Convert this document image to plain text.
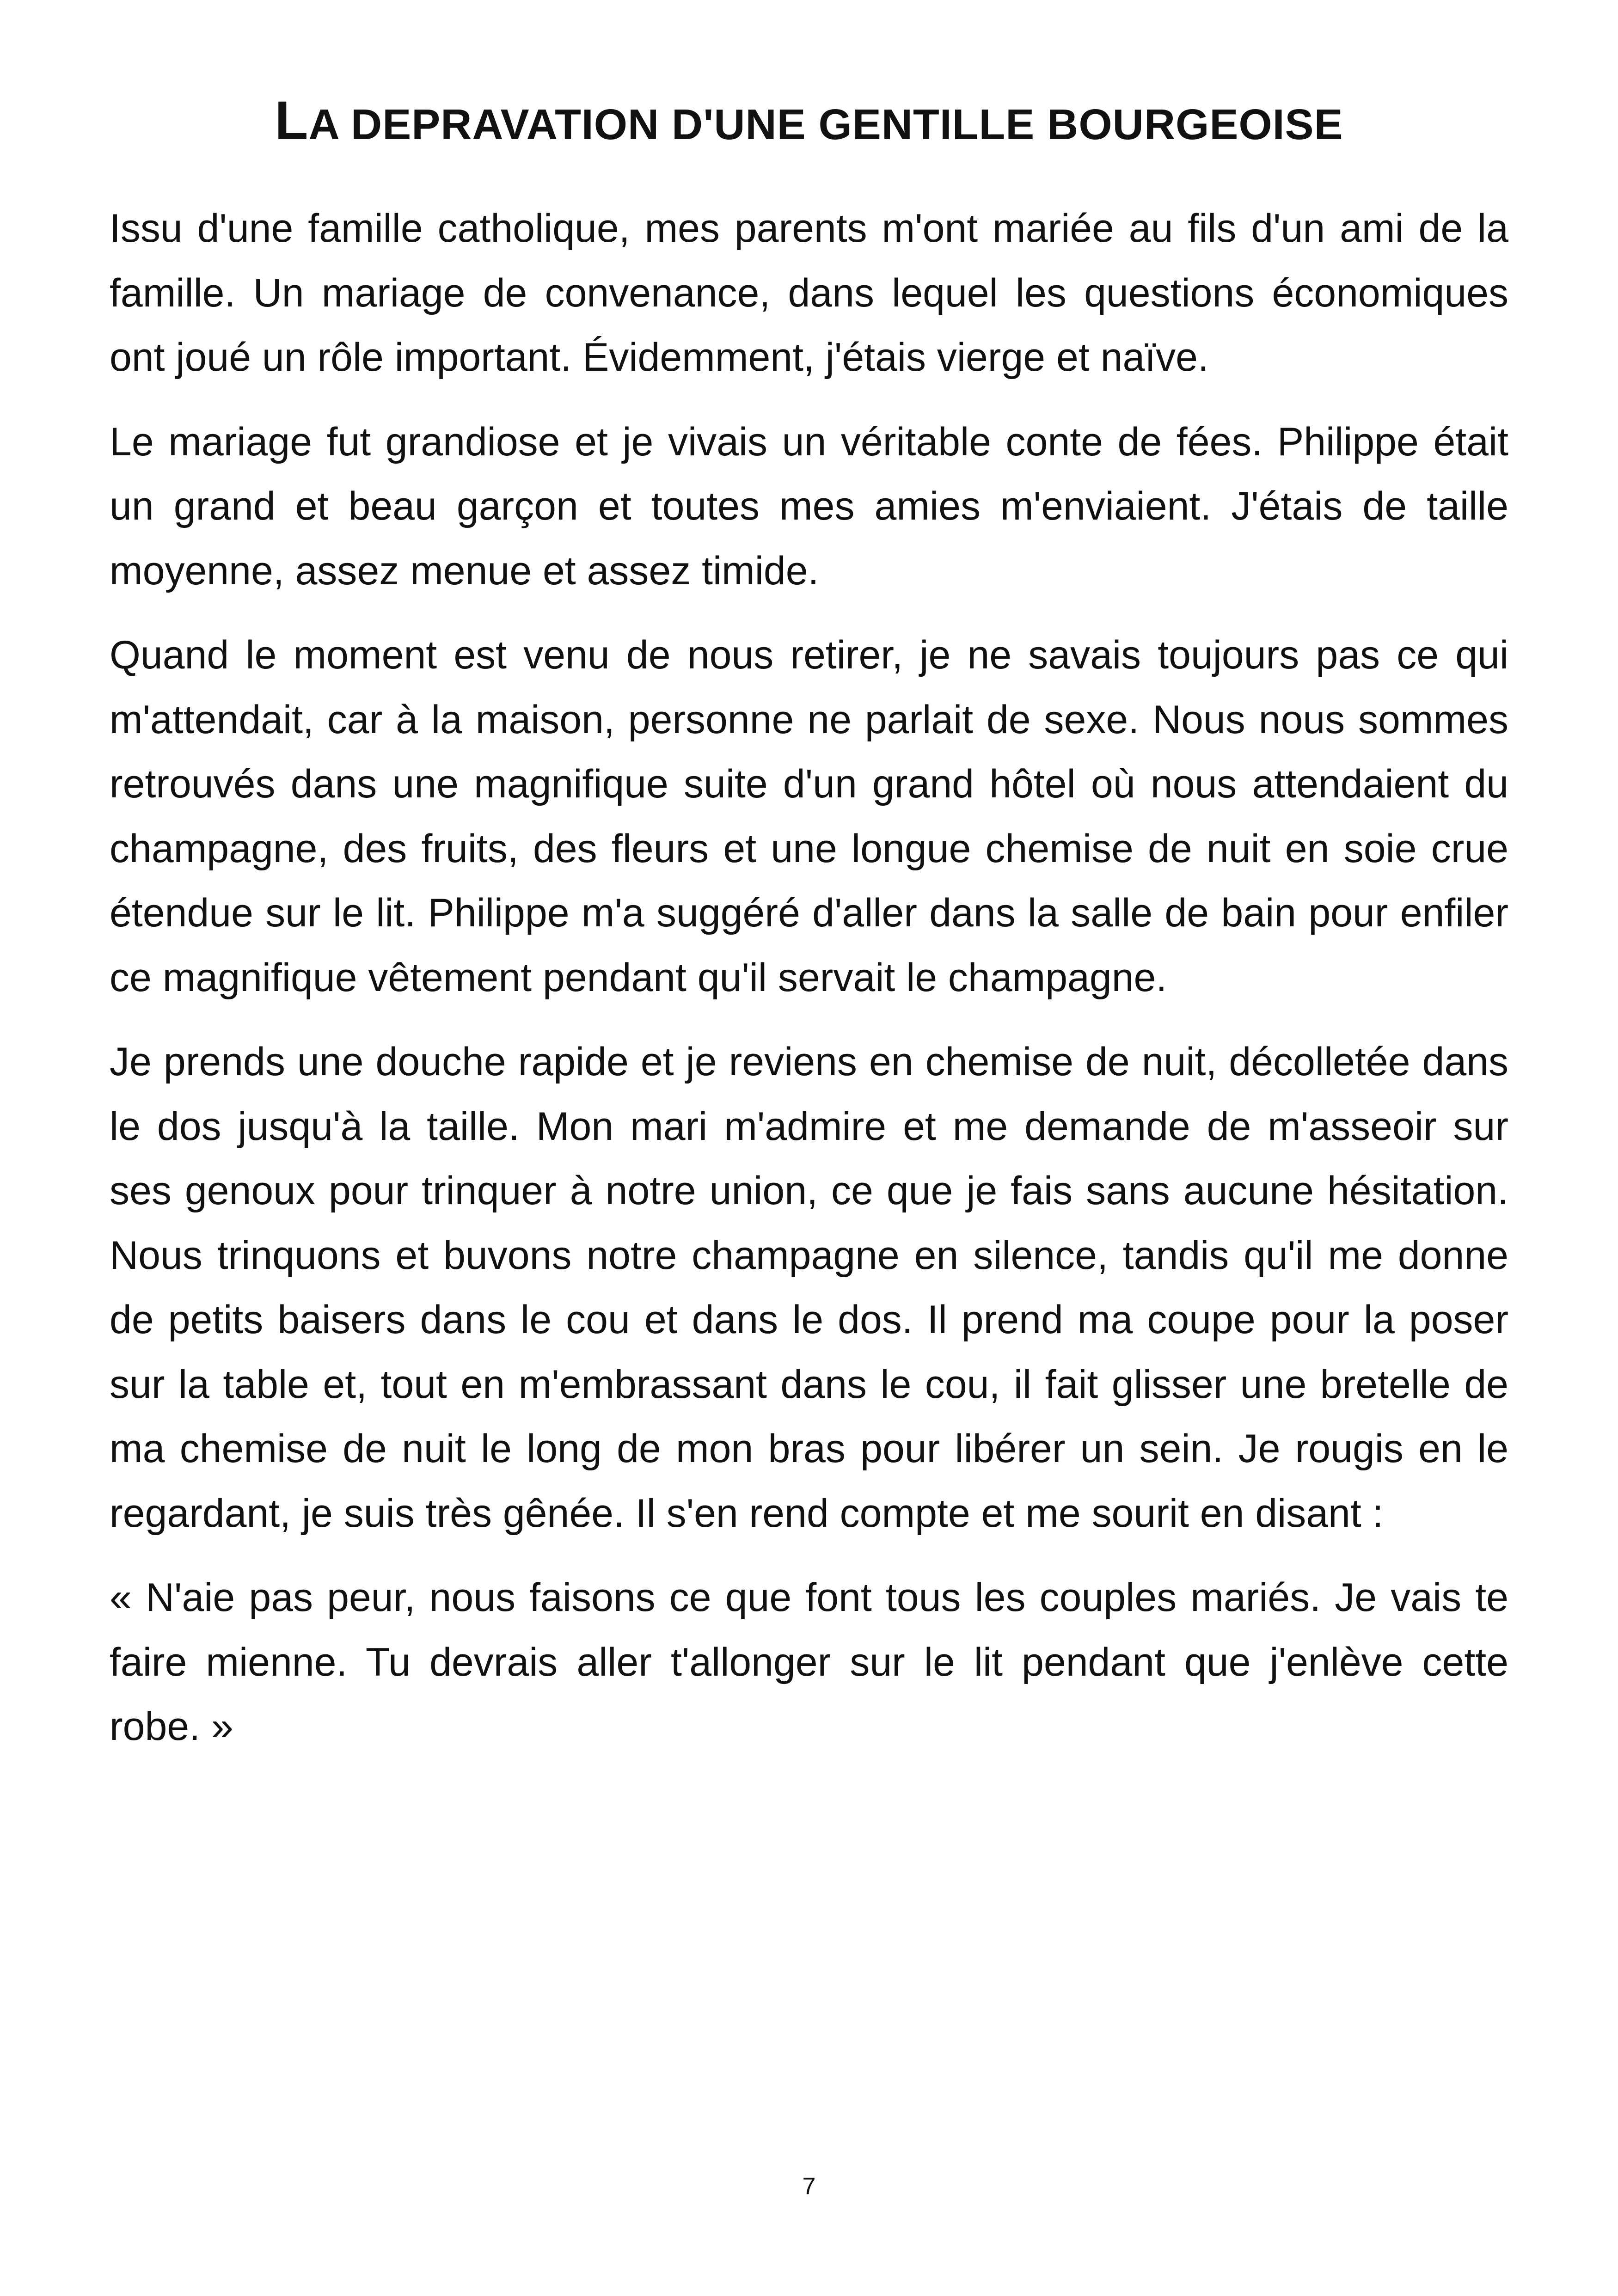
LA DEPRAVATION D'UNE GENTILLE BOURGEOISE

Issu d'une famille catholique, mes parents m'ont mariée au fils d'un ami de la famille. Un mariage de convenance, dans lequel les questions économiques ont joué un rôle important. Évidemment, j'étais vierge et naïve.

Le mariage fut grandiose et je vivais un véritable conte de fées. Philippe était un grand et beau garçon et toutes mes amies m'enviaient. J'étais de taille moyenne, assez menue et assez timide.

Quand le moment est venu de nous retirer, je ne savais toujours pas ce qui m'attendait, car à la maison, personne ne parlait de sexe. Nous nous sommes retrouvés dans une magnifique suite d'un grand hôtel où nous attendaient du champagne, des fruits, des fleurs et une longue chemise de nuit en soie crue étendue sur le lit. Philippe m'a suggéré d'aller dans la salle de bain pour enfiler ce magnifique vêtement pendant qu'il servait le champagne.

Je prends une douche rapide et je reviens en chemise de nuit, décolletée dans le dos jusqu'à la taille. Mon mari m'admire et me demande de m'asseoir sur ses genoux pour trinquer à notre union, ce que je fais sans aucune hésitation. Nous trinquons et buvons notre champagne en silence, tandis qu'il me donne de petits baisers dans le cou et dans le dos. Il prend ma coupe pour la poser sur la table et, tout en m'embrassant dans le cou, il fait glisser une bretelle de ma chemise de nuit le long de mon bras pour libérer un sein. Je rougis en le regardant, je suis très gênée. Il s'en rend compte et me sourit en disant :

« N'aie pas peur, nous faisons ce que font tous les couples mariés. Je vais te faire mienne. Tu devrais aller t'allonger sur le lit pendant que j'enlève cette robe. »

7
